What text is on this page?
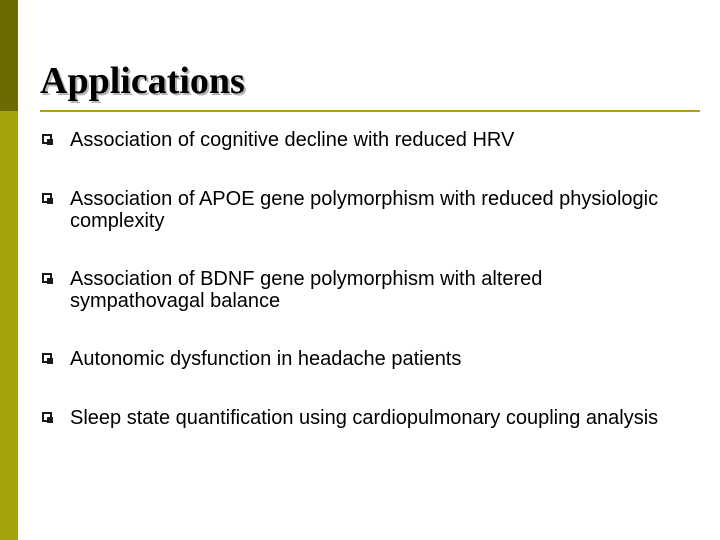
Applications
Association of cognitive decline with reduced HRV
Association of APOE gene polymorphism with reduced physiologic complexity
Association of BDNF gene polymorphism with altered sympathovagal balance
Autonomic dysfunction in headache patients
Sleep state quantification using cardiopulmonary coupling analysis
